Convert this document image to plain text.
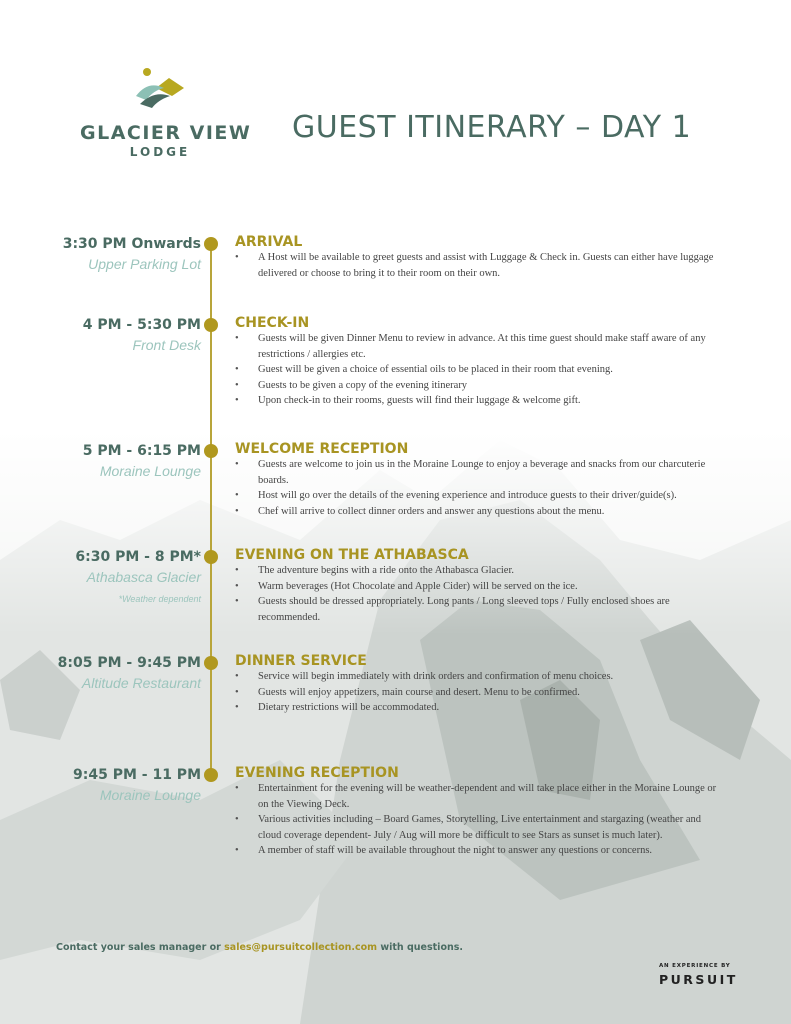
GLACIER VIEW
LODGE
GUEST ITINERARY – DAY 1
3:30 PM Onwards
Upper Parking Lot
ARRIVAL
• A Host will be available to greet guests and assist with Luggage & Check in. Guests can either have luggage delivered or choose to bring it to their room on their own.
4 PM - 5:30 PM
Front Desk
CHECK-IN
• Guests will be given Dinner Menu to review in advance. At this time guest should make staff aware of any restrictions / allergies etc.
• Guest will be given a choice of essential oils to be placed in their room that evening.
• Guests to be given a copy of the evening itinerary
• Upon check-in to their rooms, guests will find their luggage & welcome gift.
5 PM - 6:15 PM
Moraine Lounge
WELCOME RECEPTION
• Guests are welcome to join us in the Moraine Lounge to enjoy a beverage and snacks from our charcuterie boards.
• Host will go over the details of the evening experience and introduce guests to their driver/guide(s).
• Chef will arrive to collect dinner orders and answer any questions about the menu.
6:30 PM - 8 PM*
Athabasca Glacier
*Weather dependent
EVENING ON THE ATHABASCA
• The adventure begins with a ride onto the Athabasca Glacier.
• Warm beverages (Hot Chocolate and Apple Cider) will be served on the ice.
• Guests should be dressed appropriately. Long pants / Long sleeved tops / Fully enclosed shoes are recommended.
8:05 PM - 9:45 PM
Altitude Restaurant
DINNER SERVICE
• Service will begin immediately with drink orders and confirmation of menu choices.
• Guests will enjoy appetizers, main course and desert. Menu to be confirmed.
• Dietary restrictions will be accommodated.
9:45 PM - 11 PM
Moraine Lounge
EVENING RECEPTION
• Entertainment for the evening will be weather-dependent and will take place either in the Moraine Lounge or on the Viewing Deck.
• Various activities including – Board Games, Storytelling, Live entertainment and stargazing (weather and cloud coverage dependent- July / Aug will more be difficult to see Stars as sunset is much later).
• A member of staff will be available throughout the night to answer any questions or concerns.
Contact your sales manager or sales@pursuitcollection.com with questions.
AN EXPERIENCE BY
PURSUIT
